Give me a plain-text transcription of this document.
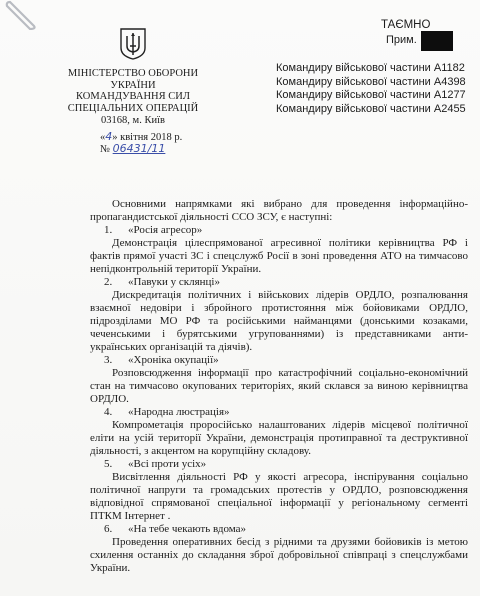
МІНІСТЕРСТВО ОБОРОНИ
УКРАЇНИ
КОМАНДУВАННЯ СИЛ
СПЕЦІАЛЬНИХ ОПЕРАЦІЙ
03168, м. Київ
«4» квітня 2018 р.
№ 06431/11
ТАЄМНО
Прим.
Командиру військової частини А1182
Командиру військової частини А4398
Командиру військової частини А1277
Командиру військової частини А2455

Основними напрямками які вибрано для проведення інформаційно-пропагандистської діяльності ССО ЗСУ, є наступні:

1. «Росія агресор»

Демонстрація цілеспрямованої агресивної політики керівництва РФ і фактів прямої участі ЗС і спецслужб Росії в зоні проведення АТО на тимчасово непідконтрольній території України.

2. «Павуки у склянці»

Дискредитація політичних і військових лідерів ОРДЛО, розпалювання взаємної недовіри і збройного протистояння між бойовиками ОРДЛО, підрозділами МО РФ та російськими найманцями (донськими козаками, чеченськими і бурятськими угрупованнями) із представниками анти-українських організацій та діячів).

3. «Хроніка окупації»

Розповсюдження інформації про катастрофічний соціально-економічний стан на тимчасово окупованих територіях, який склався за виною керівництва ОРДЛО.

4. «Народна люстрація»

Компрометація проросійсько налаштованих лідерів місцевої політичної еліти на усій території України, демонстрація протиправної та деструктивної діяльності, з акцентом на корупційну складову.

5. «Всі проти усіх»

Висвітлення діяльності РФ у якості агресора, інспірування соціально політичної напруги та громадських протестів у ОРДЛО, розповсюдження відповідної спрямованої спеціальної інформації у регіональному сегменті ПТКМ Інтернет .

6. «На тебе чекають вдома»

Проведення оперативних бесід з рідними та друзями бойовиків із метою схилення останніх до складання зброї добровільної співпраці з спецслужбами України.
